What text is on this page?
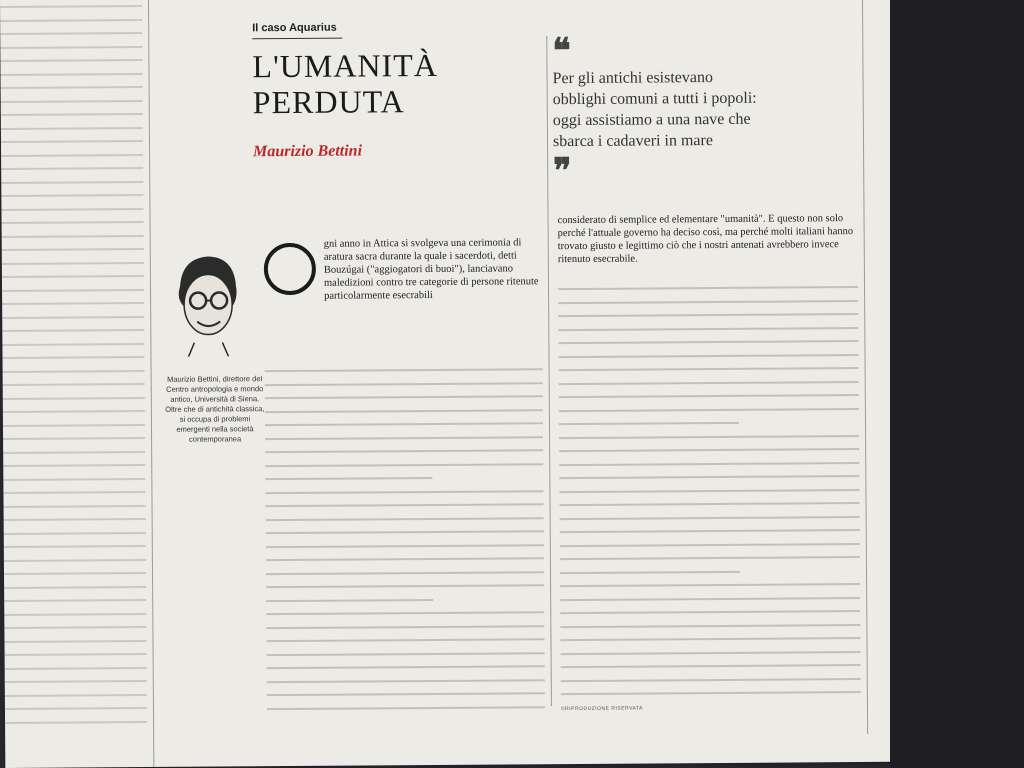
Il caso Aquarius
L'UMANITÀ
PERDUTA
Maurizio Bettini
❝
Per gli antichi esistevano obblighi comuni a tutti i popoli: oggi assistiamo a una nave che sbarca i cadaveri in mare
❞
Maurizio Bettini, direttore del Centro antropologia e mondo antico, Università di Siena. Oltre che di antichità classica, si occupa di problemi emergenti nella società contemporanea
gni anno in Attica si svolgeva una cerimonia di aratura sacra durante la quale i sacerdoti, detti Bouzúgai ("aggiogatori di buoi"), lanciavano maledizioni contro tre categorie di persone ritenute particolarmente esecrabili
considerato di semplice ed elementare "umanità". E questo non solo perché l'attuale governo ha deciso così, ma perché molti italiani hanno trovato giusto e legittimo ciò che i nostri antenati avrebbero invece ritenuto esecrabile.
©RIPRODUZIONE RISERVATA
